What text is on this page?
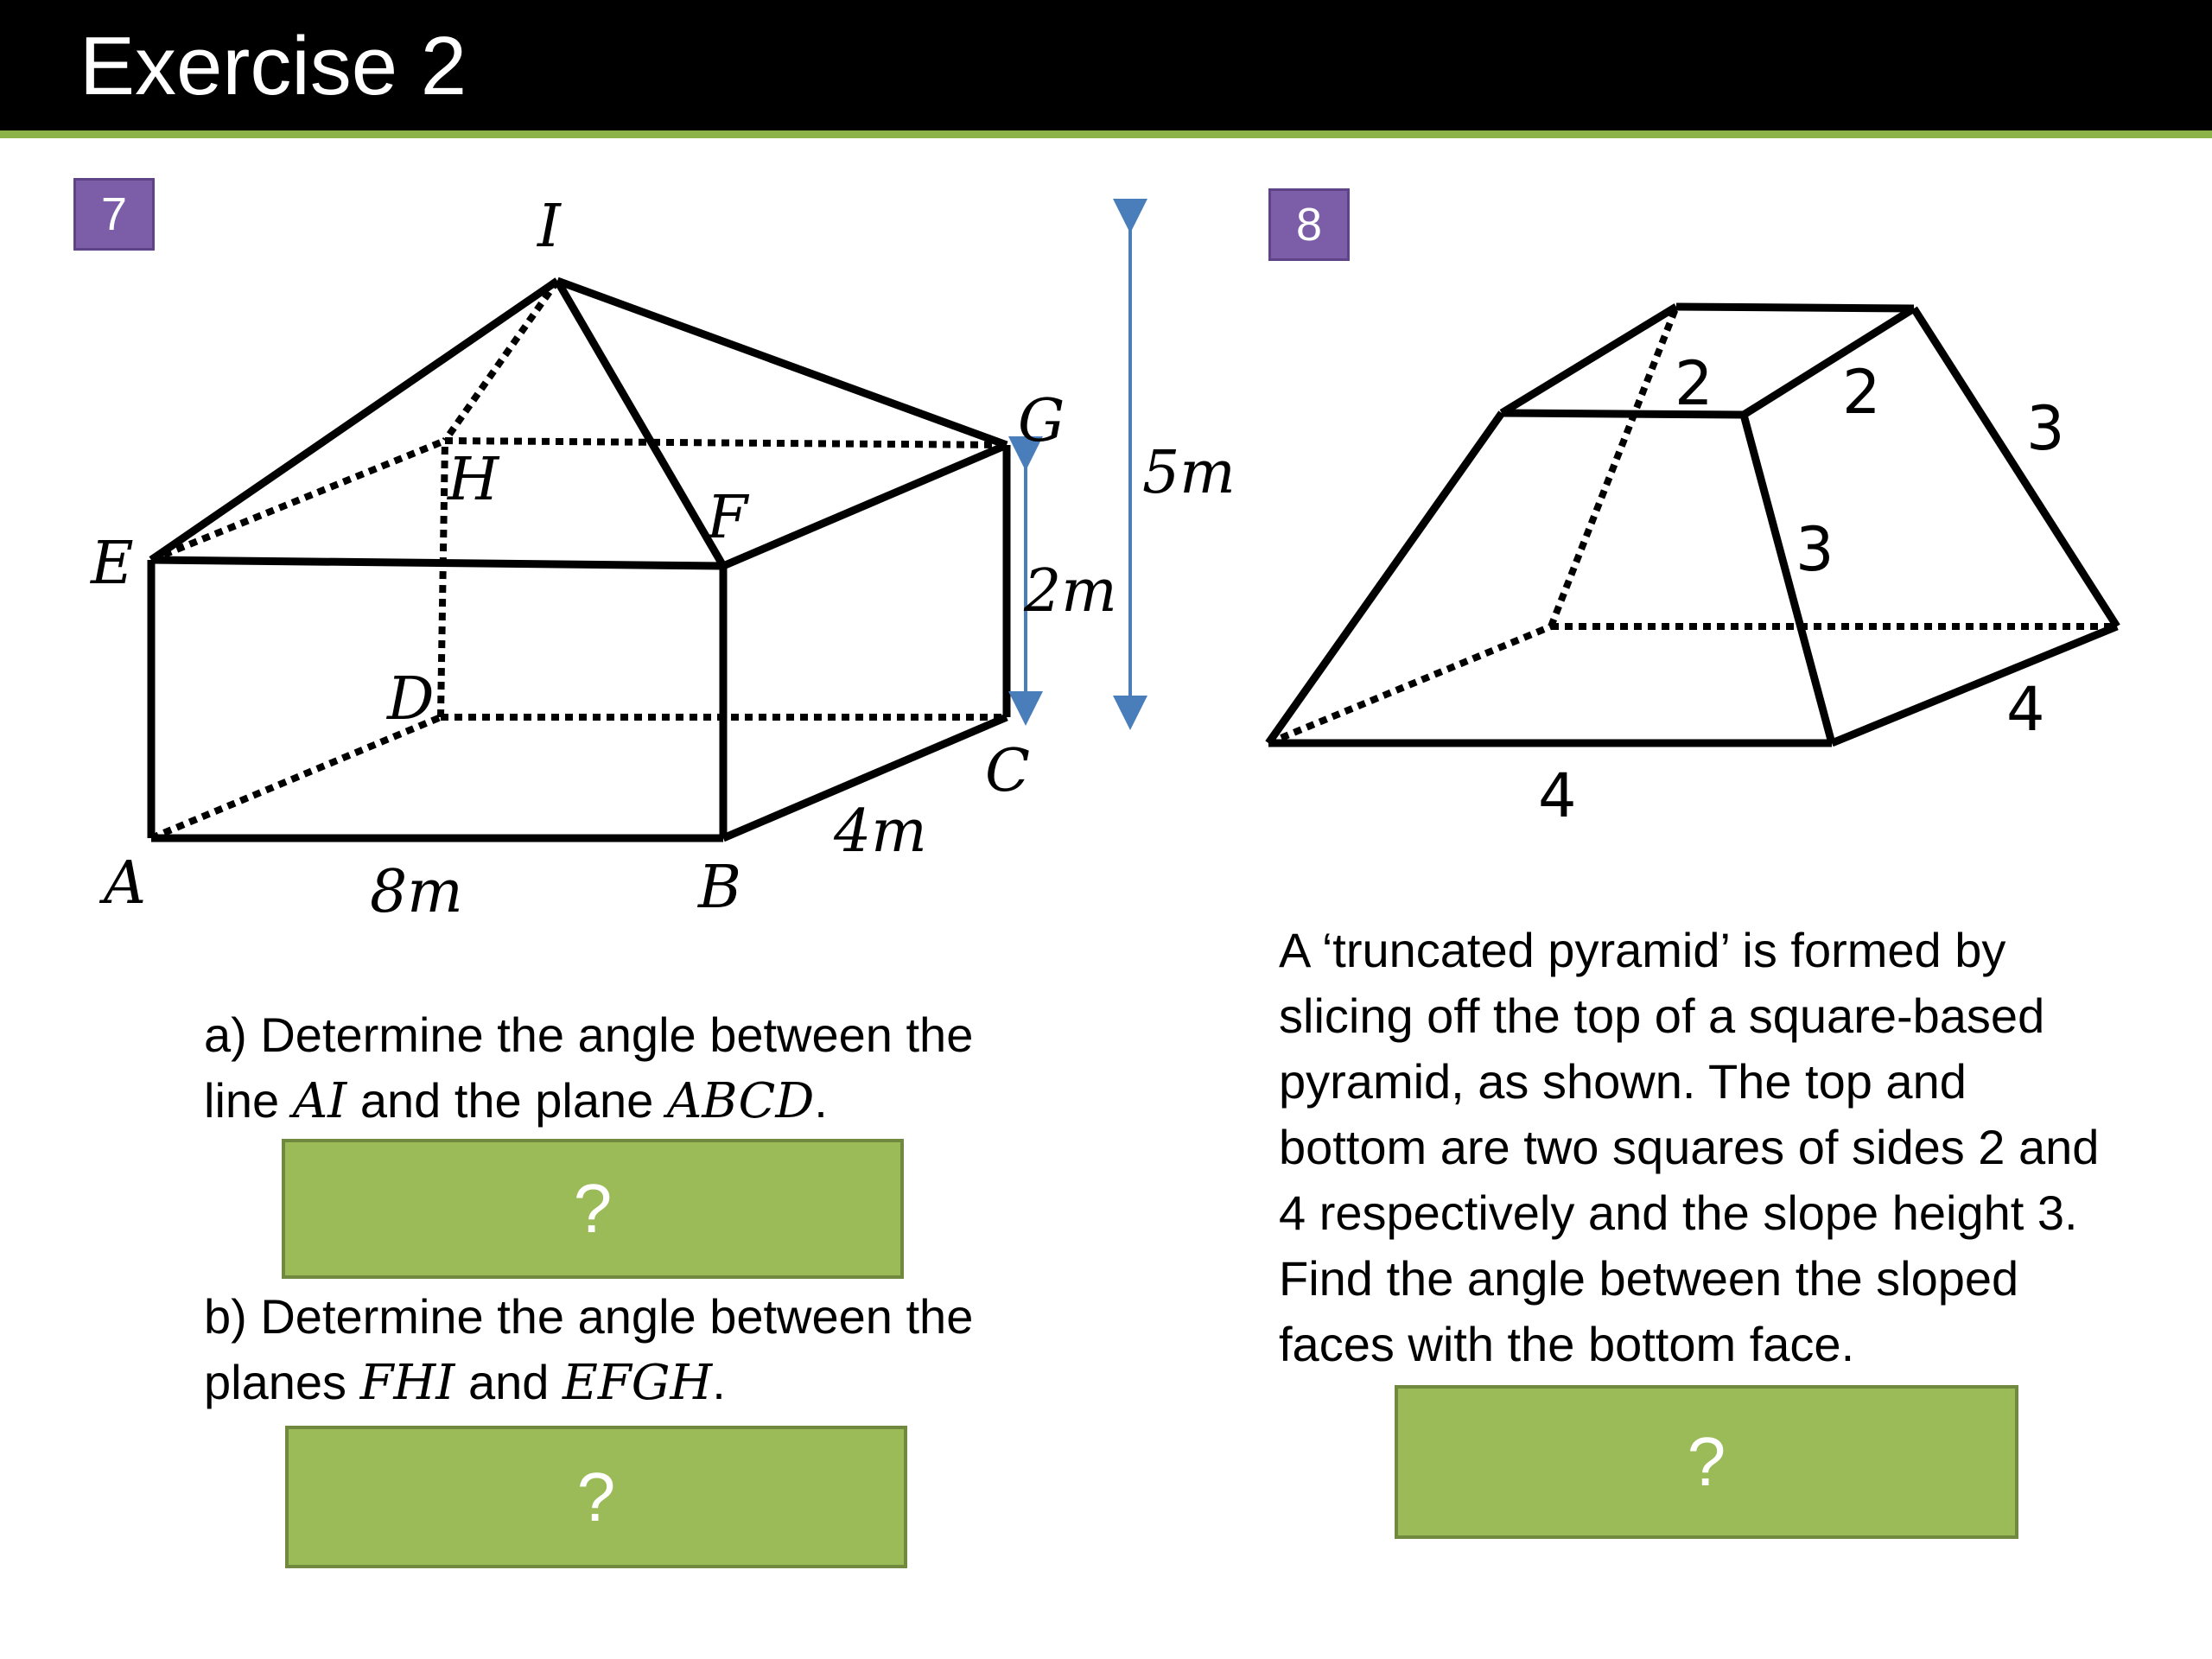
Exercise 2
7	8
I
G
H
F
E
D
C
A	B
5m
2m
4m
8m
2 2
3
3
4
4
a) Determine the angle between the
line AI and the plane ABCD.
?
b) Determine the angle between the
planes FHI and EFGH.
?
A ‘truncated pyramid’ is formed by
slicing off the top of a square-based
pyramid, as shown. The top and
bottom are two squares of sides 2 and
4 respectively and the slope height 3.
Find the angle between the sloped
faces with the bottom face.
?
